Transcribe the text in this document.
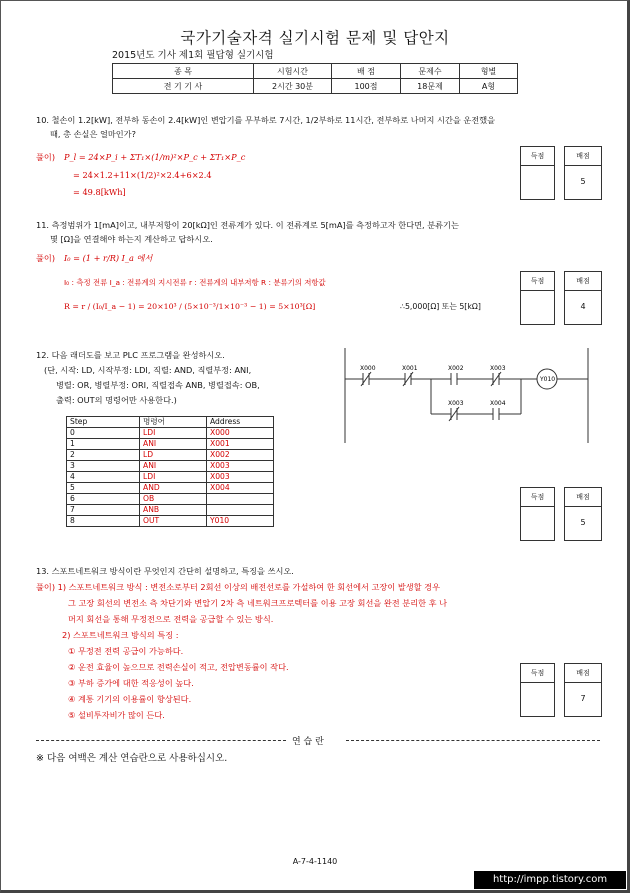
국가기술자격 실기시험 문제 및 답안지
2015년도 기사 제1회 필답형 실기시험
종 목	시험시간	배 점	문제수	형별
전 기 기 사	2시간 30분	100점	18문제	A형
10. 철손이 1.2[kW], 전부하 동손이 2.4[kW]인 변압기를 무부하로 7시간, 1/2부하로 11시간, 전부하로 나머지 시간을 운전했을
때, 총 손실은 얼마인가?
풀이) P_l = 24×P_i + ΣT₁×(1/m)²×P_c + ΣT₁×P_c
= 24×1.2+11×(1/2)²×2.4+6×2.4
= 49.8[kWh]
득점	배점
5
11. 측정범위가 1[mA]이고, 내부저항이 20[kΩ]인 전류계가 있다. 이 전류계로 5[mA]를 측정하고자 한다면, 분류기는
몇 [Ω]을 연결해야 하는지 계산하고 답하시오.
풀이) I₀ = (1 + r/R) I_a 에서
I₀ : 측정 전류 I_a : 전류계의 지시전류 r : 전류계의 내부저항 R : 분류기의 저항값
R = r / (I₀/I_a − 1) = 20×10³ / (5×10⁻³/1×10⁻³ − 1) = 5×10³[Ω]	∴5,000[Ω] 또는 5[kΩ]
득점	배점
4
12. 다음 래더도를 보고 PLC 프로그램을 완성하시오.
(단, 시작: LD, 시작부정: LDI, 직렬: AND, 직렬부정: ANI,
병렬: OR, 병렬부정: ORI, 직렬접속 ANB, 병렬접속: OB,
출력: OUT의 명령어만 사용한다.)
Step	명령어	Address
0	LDI	X000
1	ANI	X001
2	LD	X002
3	ANI	X003
4	LDI	X003
5	AND	X004
6	OB	
7	ANB	
8	OUT	Y010
X000	X001	X002	X003
X003	X004
Y010
득점	배점
5
13. 스포트네트워크 방식이란 무엇인지 간단히 설명하고, 특징을 쓰시오.
풀이) 1) 스포트네트워크 방식 : 변전소로부터 2회선 이상의 배전선로를 가설하여 한 회선에서 고장이 발생할 경우
그 고장 회선의 변전소 측 차단기와 변압기 2차 측 네트워크프로텍터를 이용 고장 회선을 완전 분리한 후 나
머지 회선을 통해 무정전으로 전력을 공급할 수 있는 방식.
2) 스포트네트워크 방식의 특징 :
① 무정전 전력 공급이 가능하다.
② 운전 효율이 높으므로 전력손실이 적고, 전압변동률이 작다.
③ 부하 증가에 대한 적응성이 높다.
④ 계통 기기의 이용률이 향상된다.
⑤ 설비투자비가 많이 든다.
득점	배점
7
연 습 란
※ 다음 여백은 계산 연습란으로 사용하십시오.
A-7-4-1140
http://impp.tistory.com
